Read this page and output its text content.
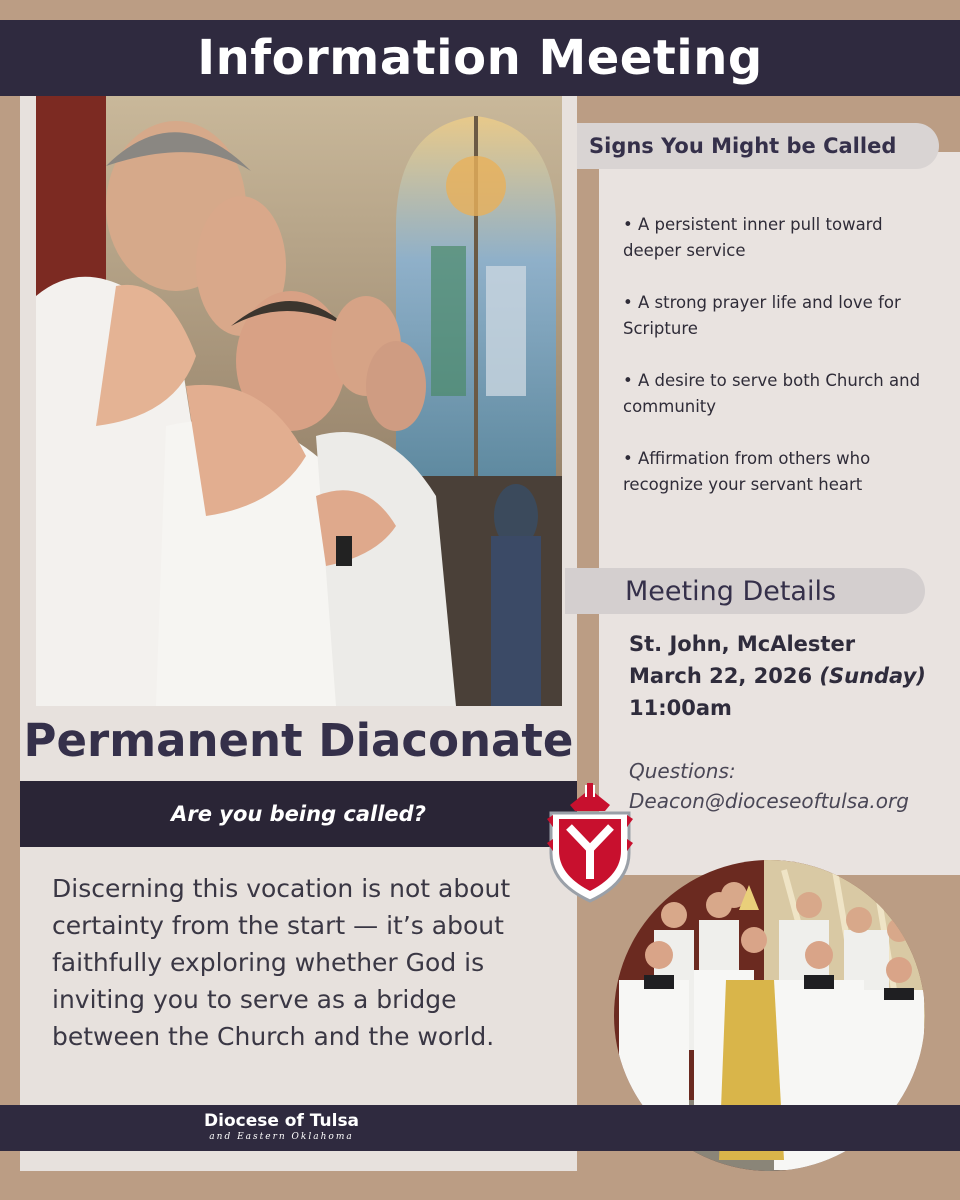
Information Meeting
Permanent Diaconate
Are you being called?
Discerning this vocation is not about certainty from the start — it’s about faithfully exploring whether God is inviting you to serve as a bridge between the Church and the world.
Signs You Might be Called
• A persistent inner pull toward deeper service
• A strong prayer life and love for Scripture
• A desire to serve both Church and community
• Affirmation from others who recognize your servant heart
Meeting Details
St. John, McAlester
March 22, 2026 (Sunday)
11:00am
Questions:
Deacon@dioceseoftulsa.org
Diocese of Tulsa
and Eastern Oklahoma
